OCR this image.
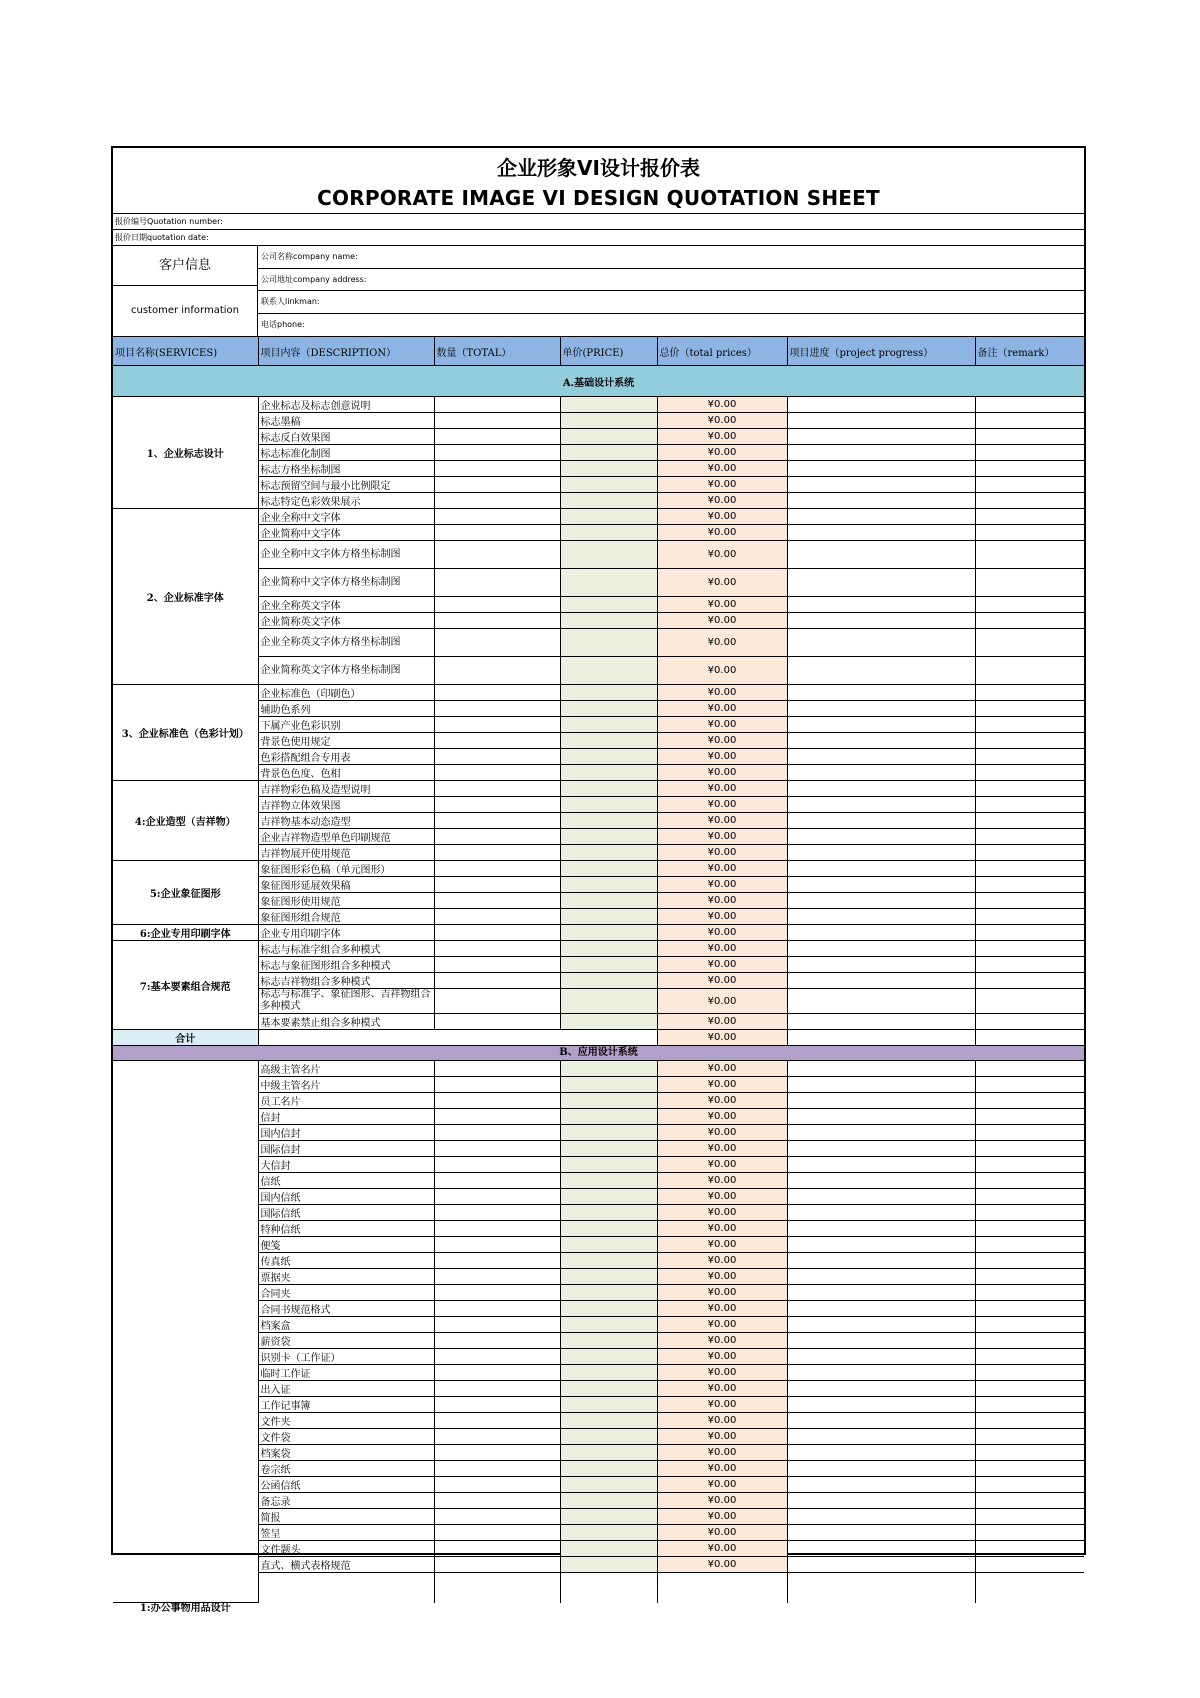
企业形象VI设计报价表
CORPORATE IMAGE VI DESIGN QUOTATION SHEET
报价编号Quotation number:
报价日期quotation date:
客户信息
customer information
公司名称company name:
公司地址company address:
联系人linkman:
电话phone:
项目名称(SERVICES)	项目内容（DESCRIPTION）	数量（TOTAL）	单价(PRICE)	总价（total prices）	项目进度（project progress）	备注（remark）
A.基础设计系统						
1、企业标志设计	企业标志及标志创意说明			¥0.00		
	标志墨稿			¥0.00		
	标志反白效果图			¥0.00		
	标志标准化制图			¥0.00		
	标志方格坐标制图			¥0.00		
	标志预留空间与最小比例限定			¥0.00		
	标志特定色彩效果展示			¥0.00		
2、企业标准字体	企业全称中文字体			¥0.00		
	企业简称中文字体			¥0.00		
	企业全称中文字体方格坐标制图			¥0.00		
	企业简称中文字体方格坐标制图			¥0.00		
	企业全称英文字体			¥0.00		
	企业简称英文字体			¥0.00		
	企业全称英文字体方格坐标制图			¥0.00		
	企业简称英文字体方格坐标制图			¥0.00		
3、企业标准色（色彩计划）	企业标准色（印刷色）			¥0.00		
	辅助色系列			¥0.00		
	下属产业色彩识别			¥0.00		
	背景色使用规定			¥0.00		
	色彩搭配组合专用表			¥0.00		
	背景色色度、色相			¥0.00		
4:企业造型（吉祥物）	吉祥物彩色稿及造型说明			¥0.00		
	吉祥物立体效果图			¥0.00		
	吉祥物基本动态造型			¥0.00		
	企业吉祥物造型单色印刷规范			¥0.00		
	吉祥物展开使用规范			¥0.00		
5:企业象征图形	象征图形彩色稿（单元图形）			¥0.00		
	象征图形延展效果稿			¥0.00		
	象征图形使用规范			¥0.00		
	象征图形组合规范			¥0.00		
6:企业专用印刷字体	企业专用印刷字体			¥0.00		
7:基本要素组合规范	标志与标准字组合多种模式			¥0.00		
	标志与象征图形组合多种模式			¥0.00		
	标志吉祥物组合多种模式			¥0.00		
	标志与标准字、象征图形、吉祥物组合多种模式			¥0.00		
	基本要素禁止组合多种模式			¥0.00		
合计				¥0.00		
B、应用设计系统						
1:办公事物用品设计	高级主管名片			¥0.00		
	中级主管名片			¥0.00		
	员工名片			¥0.00		
	信封			¥0.00		
	国内信封			¥0.00		
	国际信封			¥0.00		
	大信封			¥0.00		
	信纸			¥0.00		
	国内信纸			¥0.00		
	国际信纸			¥0.00		
	特种信纸			¥0.00		
	便笺			¥0.00		
	传真纸			¥0.00		
	票据夹			¥0.00		
	合同夹			¥0.00		
	合同书规范格式			¥0.00		
	档案盒			¥0.00		
	薪资袋			¥0.00		
	识别卡（工作证）			¥0.00		
	临时工作证			¥0.00		
	出入证			¥0.00		
	工作记事簿			¥0.00		
	文件夹			¥0.00		
	文件袋			¥0.00		
	档案袋			¥0.00		
	卷宗纸			¥0.00		
	公函信纸			¥0.00		
	备忘录			¥0.00		
	简报			¥0.00		
	签呈			¥0.00		
	文件题头			¥0.00		
	直式、横式表格规范			¥0.00		
